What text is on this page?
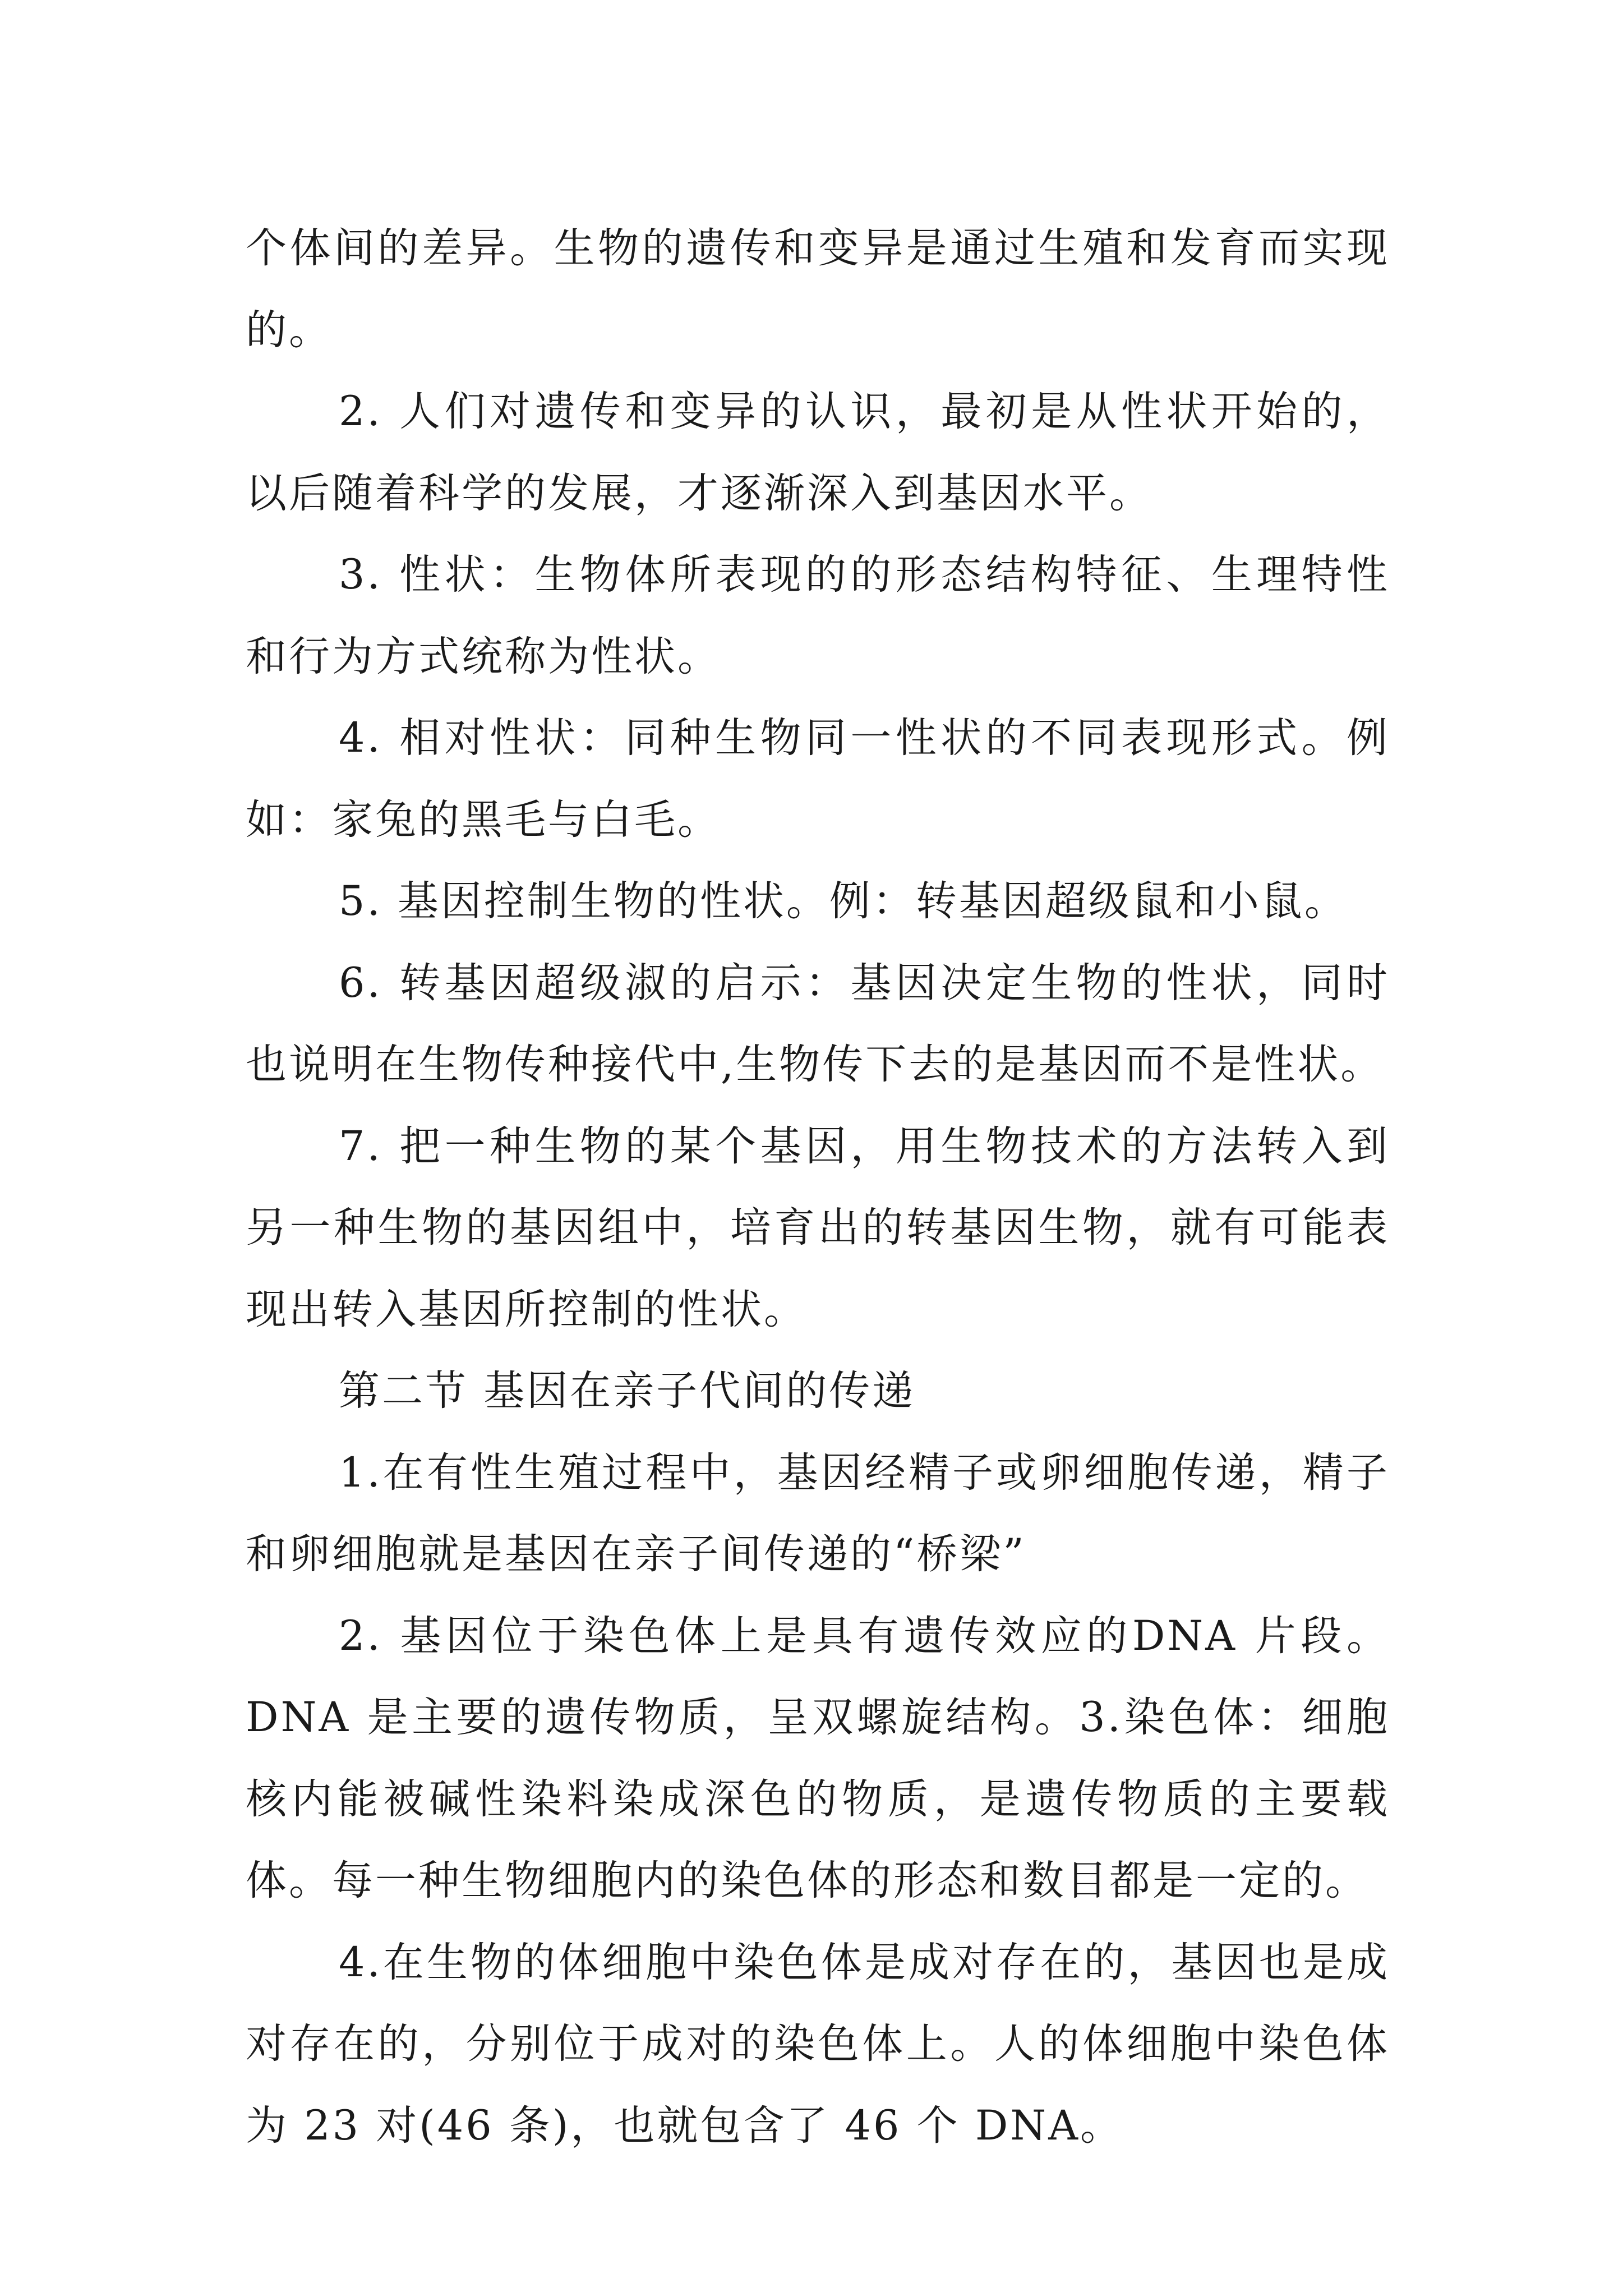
个体间的差异。生物的遗传和变异是通过生殖和发育而实现的。

2. 人们对遗传和变异的认识，最初是从性状开始的，以后随着科学的发展，才逐渐深入到基因水平。

3. 性状：生物体所表现的的形态结构特征、生理特性和行为方式统称为性状。

4. 相对性状：同种生物同一性状的不同表现形式。例如：家兔的黑毛与白毛。

5. 基因控制生物的性状。例：转基因超级鼠和小鼠。

6. 转基因超级淑的启示：基因决定生物的性状，同时也说明在生物传种接代中,生物传下去的是基因而不是性状。

7. 把一种生物的某个基因，用生物技术的方法转入到另一种生物的基因组中，培育出的转基因生物，就有可能表现出转入基因所控制的性状。

第二节 基因在亲子代间的传递

1.在有性生殖过程中，基因经精子或卵细胞传递，精子和卵细胞就是基因在亲子间传递的“桥梁”

2. 基因位于染色体上是具有遗传效应的DNA 片段。DNA 是主要的遗传物质，呈双螺旋结构。3.染色体：细胞核内能被碱性染料染成深色的物质，是遗传物质的主要载体。每一种生物细胞内的染色体的形态和数目都是一定的。

4.在生物的体细胞中染色体是成对存在的，基因也是成对存在的，分别位于成对的染色体上。人的体细胞中染色体为 23 对(46 条)，也就包含了 46 个 DNA。
